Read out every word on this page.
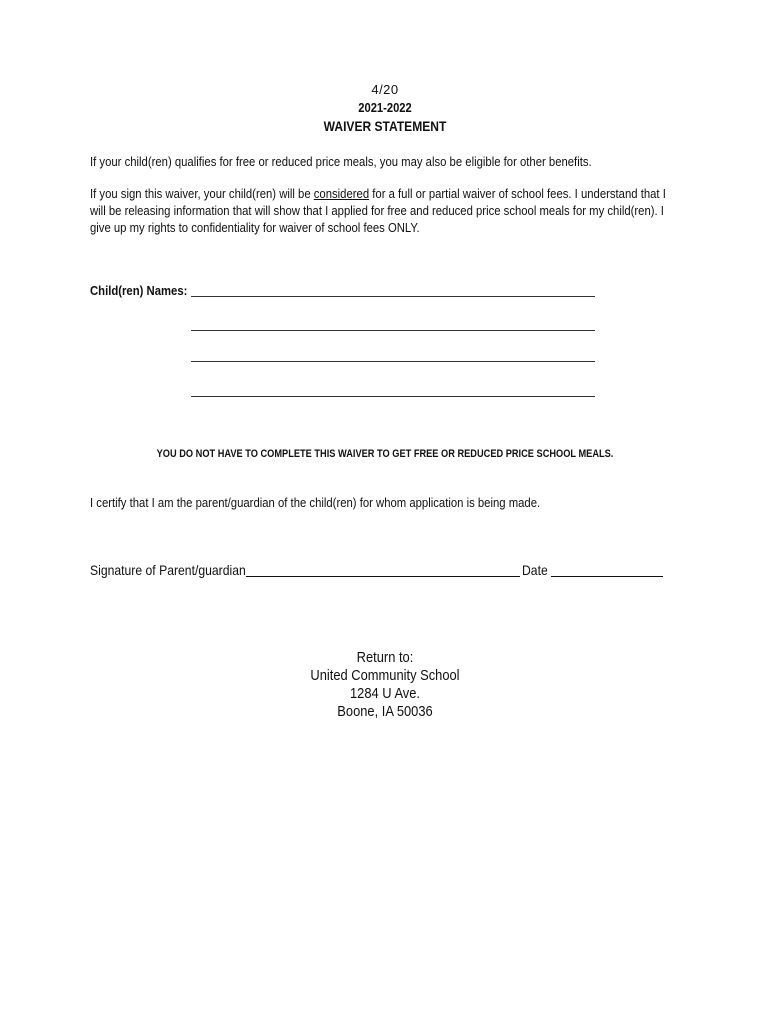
4/20
2021-2022
WAIVER STATEMENT
If your child(ren) qualifies for free or reduced price meals, you may also be eligible for other benefits.
If you sign this waiver, your child(ren) will be considered for a full or partial waiver of school fees. I understand that I
will be releasing information that will show that I applied for free and reduced price school meals for my child(ren). I
give up my rights to confidentiality for waiver of school fees ONLY.
Child(ren) Names:
YOU DO NOT HAVE TO COMPLETE THIS WAIVER TO GET FREE OR REDUCED PRICE SCHOOL MEALS.
I certify that I am the parent/guardian of the child(ren) for whom application is being made.
Signature of Parent/guardian	Date
Return to:
United Community School
1284 U Ave.
Boone, IA 50036
